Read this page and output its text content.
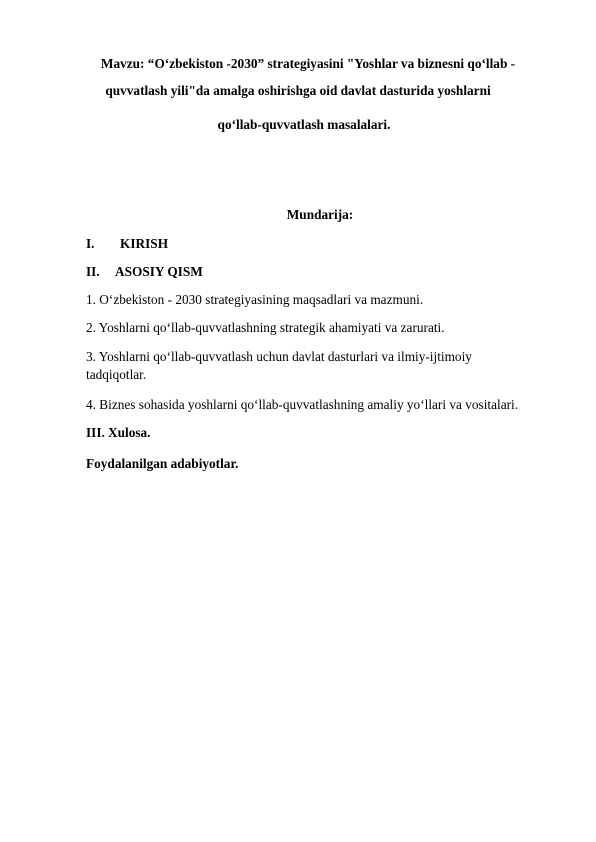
Mavzu: “O‘zbekiston -2030” strategiyasini "Yoshlar va biznesni qo‘llab -
quvvatlash yili"da amalga oshirishga oid davlat dasturida yoshlarni
qo‘llab-quvvatlash masalalari.
Mundarija:
I. KIRISH
II. ASOSIY QISM
1. O‘zbekiston - 2030 strategiyasining maqsadlari va mazmuni.
2. Yoshlarni qo‘llab-quvvatlashning strategik ahamiyati va zarurati.
3. Yoshlarni qo‘llab-quvvatlash uchun davlat dasturlari va ilmiy-ijtimoiy
tadqiqotlar.
4. Biznes sohasida yoshlarni qo‘llab-quvvatlashning amaliy yo‘llari va vositalari.
III. Xulosa.
Foydalanilgan adabiyotlar.
